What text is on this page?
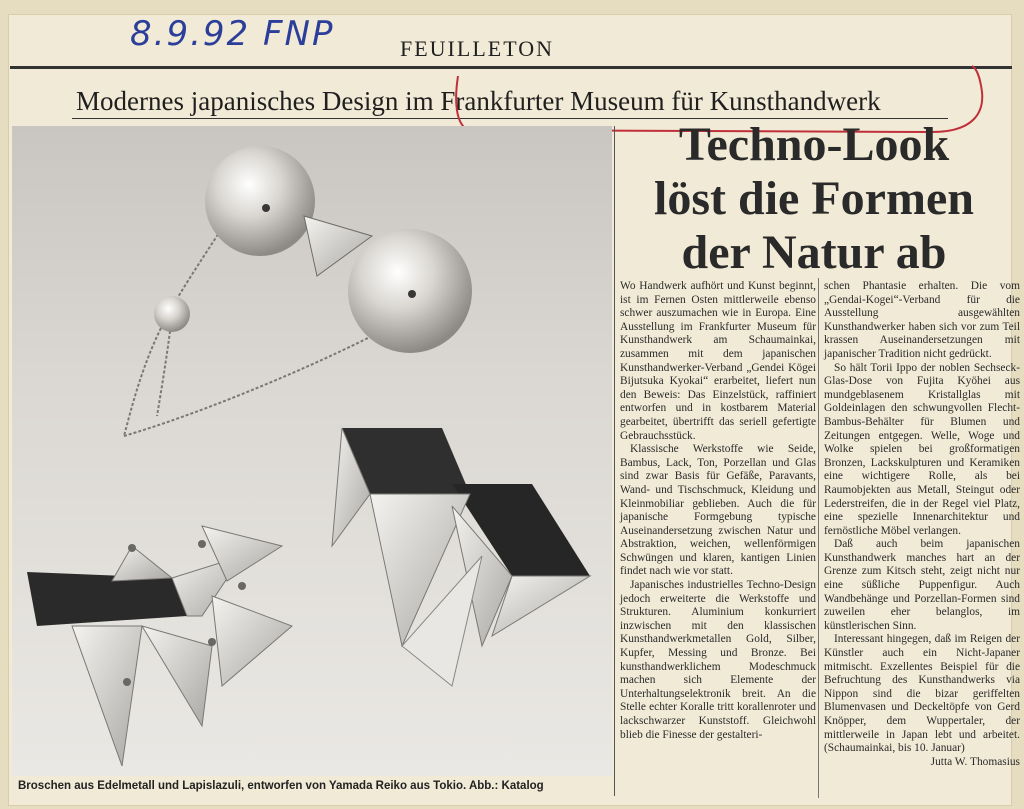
8.9.92 FNP	FEUILLETON
Modernes japanisches Design im Frankfurter Museum für Kunsthandwerk
Techno-Look
löst die Formen
der Natur ab
Broschen aus Edelmetall und Lapislazuli, entworfen von Yamada Reiko aus Tokio. Abb.: Katalog

Wo Handwerk aufhört und Kunst beginnt, ist im Fernen Osten mittlerweile ebenso schwer auszumachen wie in Europa. Eine Ausstellung im Frankfurter Museum für Kunsthandwerk am Schaumainkai, zusammen mit dem japanischen Kunsthandwerker-Verband „Gendei Kögei Bijutsuka Kyokai“ erarbeitet, liefert nun den Beweis: Das Einzelstück, raffiniert entworfen und in kostbarem Material gearbeitet, übertrifft das seriell gefertigte Gebrauchsstück.

Klassische Werkstoffe wie Seide, Bambus, Lack, Ton, Porzellan und Glas sind zwar Basis für Gefäße, Paravants, Wand- und Tischschmuck, Kleidung und Kleinmobiliar geblieben. Auch die für japanische Formgebung typische Auseinandersetzung zwischen Natur und Abstraktion, weichen, wellenförmigen Schwüngen und klaren, kantigen Linien findet nach wie vor statt.

Japanisches industrielles Techno-Design jedoch erweiterte die Werkstoffe und Strukturen. Aluminium konkurriert inzwischen mit den klassischen Kunsthandwerkmetallen Gold, Silber, Kupfer, Messing und Bronze. Bei kunsthandwerklichem Modeschmuck machen sich Elemente der Unterhaltungselektronik breit. An die Stelle echter Koralle tritt korallenroter und lackschwarzer Kunststoff. Gleichwohl blieb die Finesse der gestalteri-

schen Phantasie erhalten. Die vom „Gendai-Kogei“-Verband für die Ausstellung ausgewählten Kunsthandwerker haben sich vor zum Teil krassen Auseinandersetzungen mit japanischer Tradition nicht gedrückt.

So hält Torii Ippo der noblen Sechseck-Glas-Dose von Fujita Kyöhei aus mundgeblasenem Kristallglas mit Goldeinlagen den schwungvollen Flecht-Bambus-Behälter für Blumen und Zeitungen entgegen. Welle, Woge und Wolke spielen bei großformatigen Bronzen, Lackskulpturen und Keramiken eine wichtigere Rolle, als bei Raumobjekten aus Metall, Steingut oder Lederstreifen, die in der Regel viel Platz, eine spezielle Innenarchitektur und fernöstliche Möbel verlangen.

Daß auch beim japanischen Kunsthandwerk manches hart an der Grenze zum Kitsch steht, zeigt nicht nur eine süßliche Puppenfigur. Auch Wandbehänge und Porzellan-Formen sind zuweilen eher belanglos, im künstlerischen Sinn.

Interessant hingegen, daß im Reigen der Künstler auch ein Nicht-Japaner mitmischt. Exzellentes Beispiel für die Befruchtung des Kunsthandwerks via Nippon sind die bizar geriffelten Blumenvasen und Deckeltöpfe von Gerd Knöpper, dem Wuppertaler, der mittlerweile in Japan lebt und arbeitet. (Schaumainkai, bis 10. Januar)

Jutta W. Thomasius
